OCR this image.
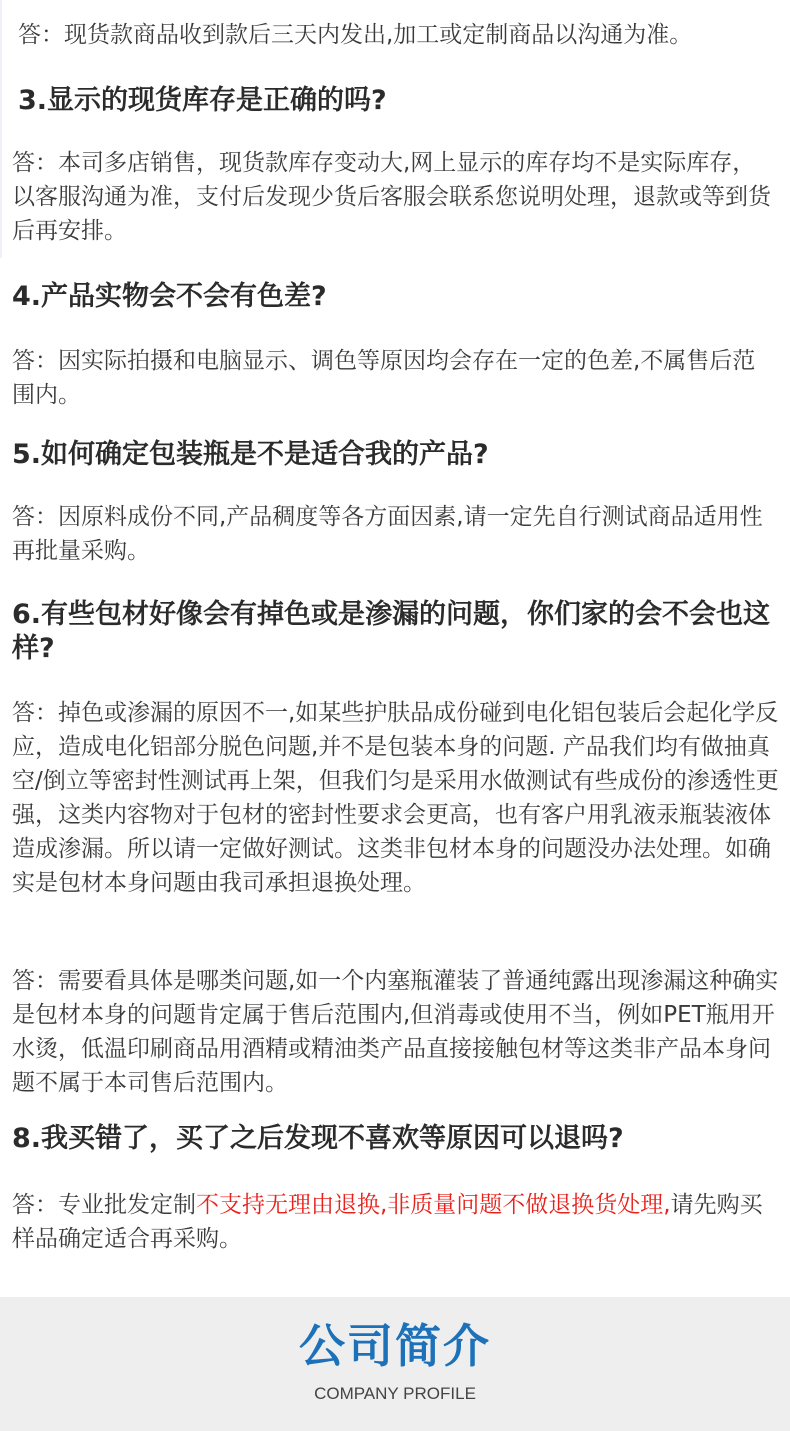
答：现货款商品收到款后三天内发出,加工或定制商品以沟通为准。

3.显示的现货库存是正确的吗?

答：本司多店销售，现货款库存变动大,网上显示的库存均不是实际库存，以客服沟通为准，支付后发现少货后客服会联系您说明处理，退款或等到货后再安排。

4.产品实物会不会有色差?

答：因实际拍摄和电脑显示、调色等原因均会存在一定的色差,不属售后范围内。

5.如何确定包装瓶是不是适合我的产品?

答：因原料成份不同,产品稠度等各方面因素,请一定先自行测试商品适用性再批量采购。

6.有些包材好像会有掉色或是渗漏的问题，你们家的会不会也这样?

答：掉色或渗漏的原因不一,如某些护肤品成份碰到电化铝包装后会起化学反应，造成电化铝部分脱色问题,并不是包装本身的问题. 产品我们均有做抽真空/倒立等密封性测试再上架，但我们匀是采用水做测试有些成份的渗透性更强，这类内容物对于包材的密封性要求会更高，也有客户用乳液汞瓶装液体造成渗漏。所以请一定做好测试。这类非包材本身的问题没办法处理。如确实是包材本身问题由我司承担退换处理。

答：需要看具体是哪类问题,如一个内塞瓶灌装了普通纯露出现渗漏这种确实是包材本身的问题肯定属于售后范围内,但消毒或使用不当，例如PET瓶用开水烫，低温印刷商品用酒精或精油类产品直接接触包材等这类非产品本身问题不属于本司售后范围内。

8.我买错了，买了之后发现不喜欢等原因可以退吗?

答：专业批发定制不支持无理由退换,非质量问题不做退换货处理,请先购买样品确定适合再采购。

公司简介

COMPANY PROFILE
